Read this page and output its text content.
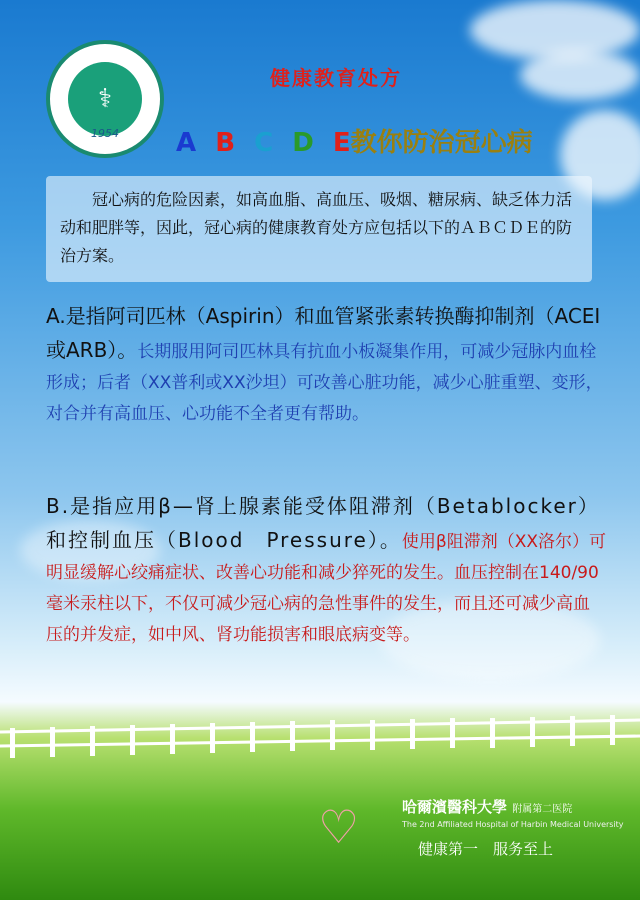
⚕
1954
健康教育处方
A B C D E教你防治冠心病

冠心病的危险因素，如高血脂、高血压、吸烟、糖尿病、缺乏体力活动和肥胖等，因此，冠心病的健康教育处方应包括以下的ＡＢＣＤＥ的防治方案。

A.是指阿司匹林（Aspirin）和血管紧张素转换酶抑制剂（ACEI或ARB）。长期服用阿司匹林具有抗血小板凝集作用，可减少冠脉内血栓形成；后者（XX普利或XX沙坦）可改善心脏功能，减少心脏重塑、变形，对合并有高血压、心功能不全者更有帮助。
B.是指应用β—肾上腺素能受体阻滞剂（Betablocker）和控制血压（Blood　Pressure）。使用β阻滞剂（XX洛尔）可明显缓解心绞痛症状、改善心功能和减少猝死的发生。血压控制在140/90毫米汞柱以下，不仅可减少冠心病的急性事件的发生，而且还可减少高血压的并发症，如中风、肾功能损害和眼底病变等。
♡	哈爾濱醫科大學 附属第二医院
The 2nd Affiliated Hospital of Harbin Medical University
健康第一　服务至上
